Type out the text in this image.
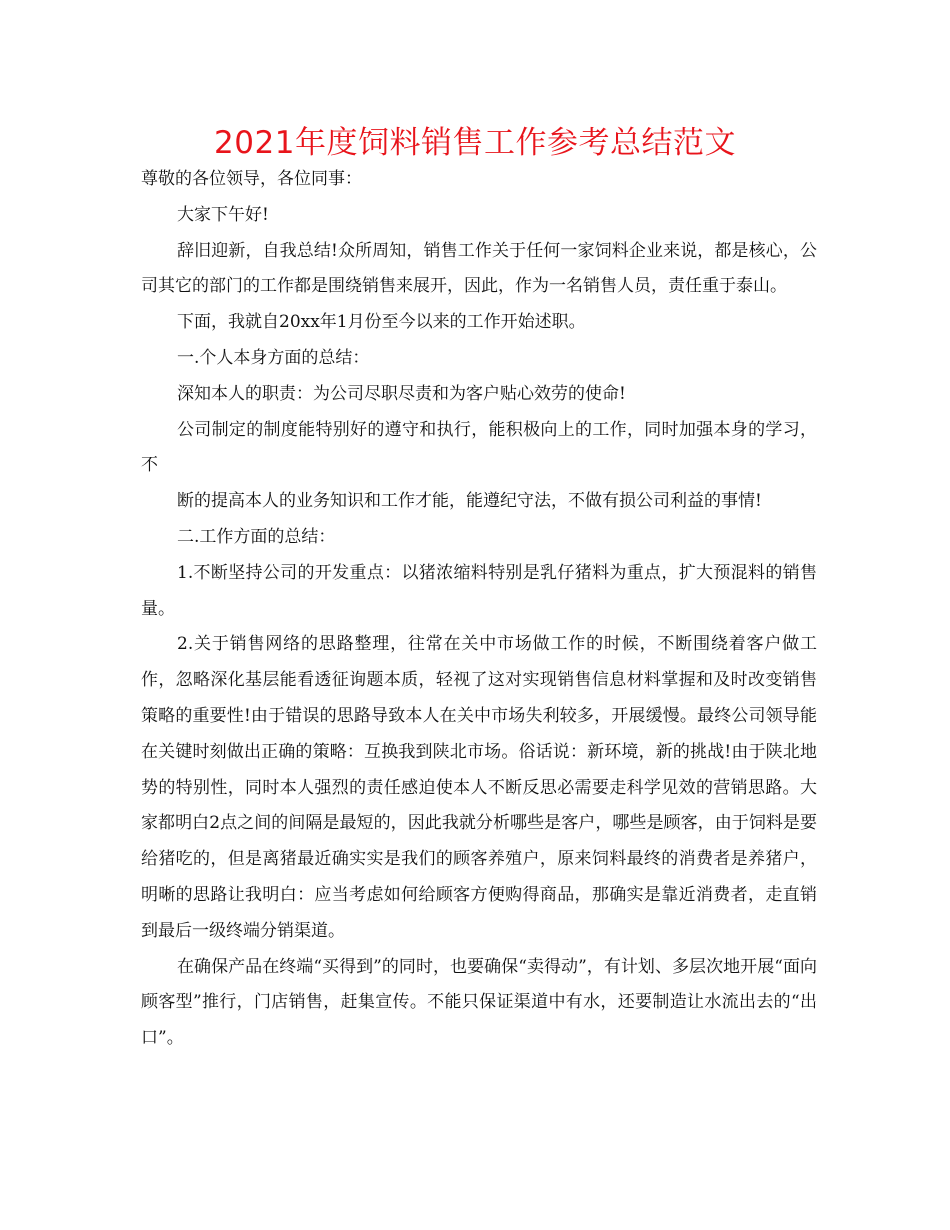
2021年度饲料销售工作参考总结范文

尊敬的各位领导，各位同事：

大家下午好!

辞旧迎新，自我总结!众所周知，销售工作关于任何一家饲料企业来说，都是核心，公司其它的部门的工作都是围绕销售来展开，因此，作为一名销售人员，责任重于泰山。

下面，我就自20xx年1月份至今以来的工作开始述职。

一.个人本身方面的总结：

深知本人的职责：为公司尽职尽责和为客户贴心效劳的使命!

公司制定的制度能特别好的遵守和执行，能积极向上的工作，同时加强本身的学习，不

断的提高本人的业务知识和工作才能，能遵纪守法，不做有损公司利益的事情!

二.工作方面的总结：

1.不断坚持公司的开发重点：以猪浓缩料特别是乳仔猪料为重点，扩大预混料的销售量。

2.关于销售网络的思路整理，往常在关中市场做工作的时候，不断围绕着客户做工作，忽略深化基层能看透征询题本质，轻视了这对实现销售信息材料掌握和及时改变销售策略的重要性!由于错误的思路导致本人在关中市场失利较多，开展缓慢。最终公司领导能在关键时刻做出正确的策略：互换我到陕北市场。俗话说：新环境，新的挑战!由于陕北地势的特别性，同时本人强烈的责任感迫使本人不断反思必需要走科学见效的营销思路。大家都明白2点之间的间隔是最短的，因此我就分析哪些是客户，哪些是顾客，由于饲料是要给猪吃的，但是离猪最近确实实是我们的顾客养殖户，原来饲料最终的消费者是养猪户，明晰的思路让我明白：应当考虑如何给顾客方便购得商品，那确实是靠近消费者，走直销到最后一级终端分销渠道。

在确保产品在终端“买得到”的同时，也要确保“卖得动”，有计划、多层次地开展“面向顾客型”推行，门店销售，赶集宣传。不能只保证渠道中有水，还要制造让水流出去的“出口”。
